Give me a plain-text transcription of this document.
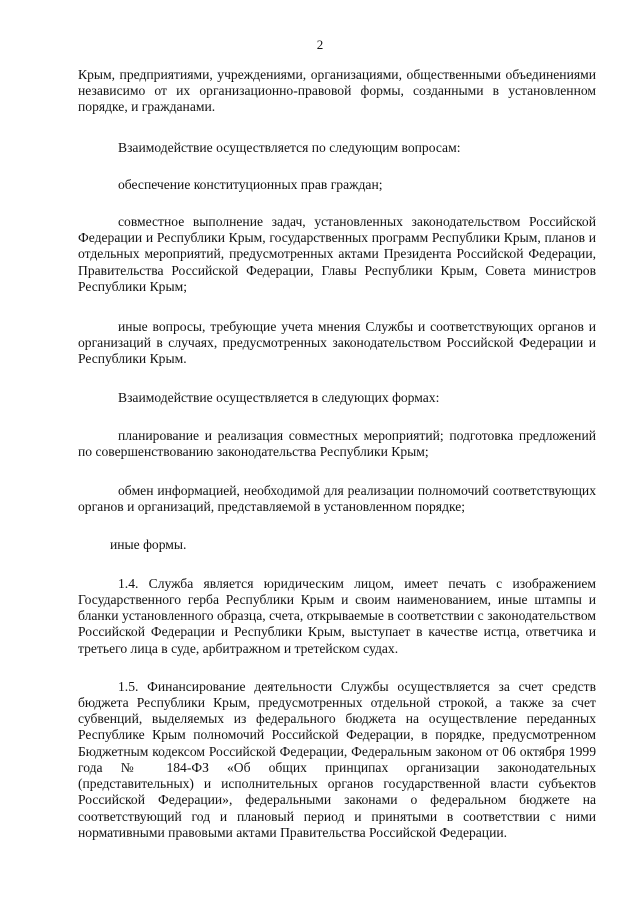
2

Крым, предприятиями, учреждениями, организациями, общественными объединениями независимо от их организационно-правовой формы, созданными в установленном порядке, и гражданами.

Взаимодействие осуществляется по следующим вопросам:

обеспечение конституционных прав граждан;

совместное выполнение задач, установленных законодательством Российской Федерации и Республики Крым, государственных программ Республики Крым, планов и отдельных мероприятий, предусмотренных актами Президента Российской Федерации, Правительства Российской Федерации, Главы Республики Крым, Совета министров Республики Крым;

иные вопросы, требующие учета мнения Службы и соответствующих органов и организаций в случаях, предусмотренных законодательством Российской Федерации и Республики Крым.

Взаимодействие осуществляется в следующих формах:

планирование и реализация совместных мероприятий; подготовка предложений по совершенствованию законодательства Республики Крым;

обмен информацией, необходимой для реализации полномочий соответствующих органов и организаций, представляемой в установленном порядке;

иные формы.

1.4. Служба является юридическим лицом, имеет печать с изображением Государственного герба Республики Крым и своим наименованием, иные штампы и бланки установленного образца, счета, открываемые в соответствии с законодательством Российской Федерации и Республики Крым, выступает в качестве истца, ответчика и третьего лица в суде, арбитражном и третейском судах.

1.5. Финансирование деятельности Службы осуществляется за счет средств бюджета Республики Крым, предусмотренных отдельной строкой, а также за счет субвенций, выделяемых из федерального бюджета на осуществление переданных Республике Крым полномочий Российской Федерации, в порядке, предусмотренном Бюджетным кодексом Российской Федерации, Федеральным законом от 06 октября 1999 года № 184-ФЗ «Об общих принципах организации законодательных (представительных) и исполнительных органов государственной власти субъектов Российской Федерации», федеральными законами о федеральном бюджете на соответствующий год и плановый период и принятыми в соответствии с ними нормативными правовыми актами Правительства Российской Федерации.
